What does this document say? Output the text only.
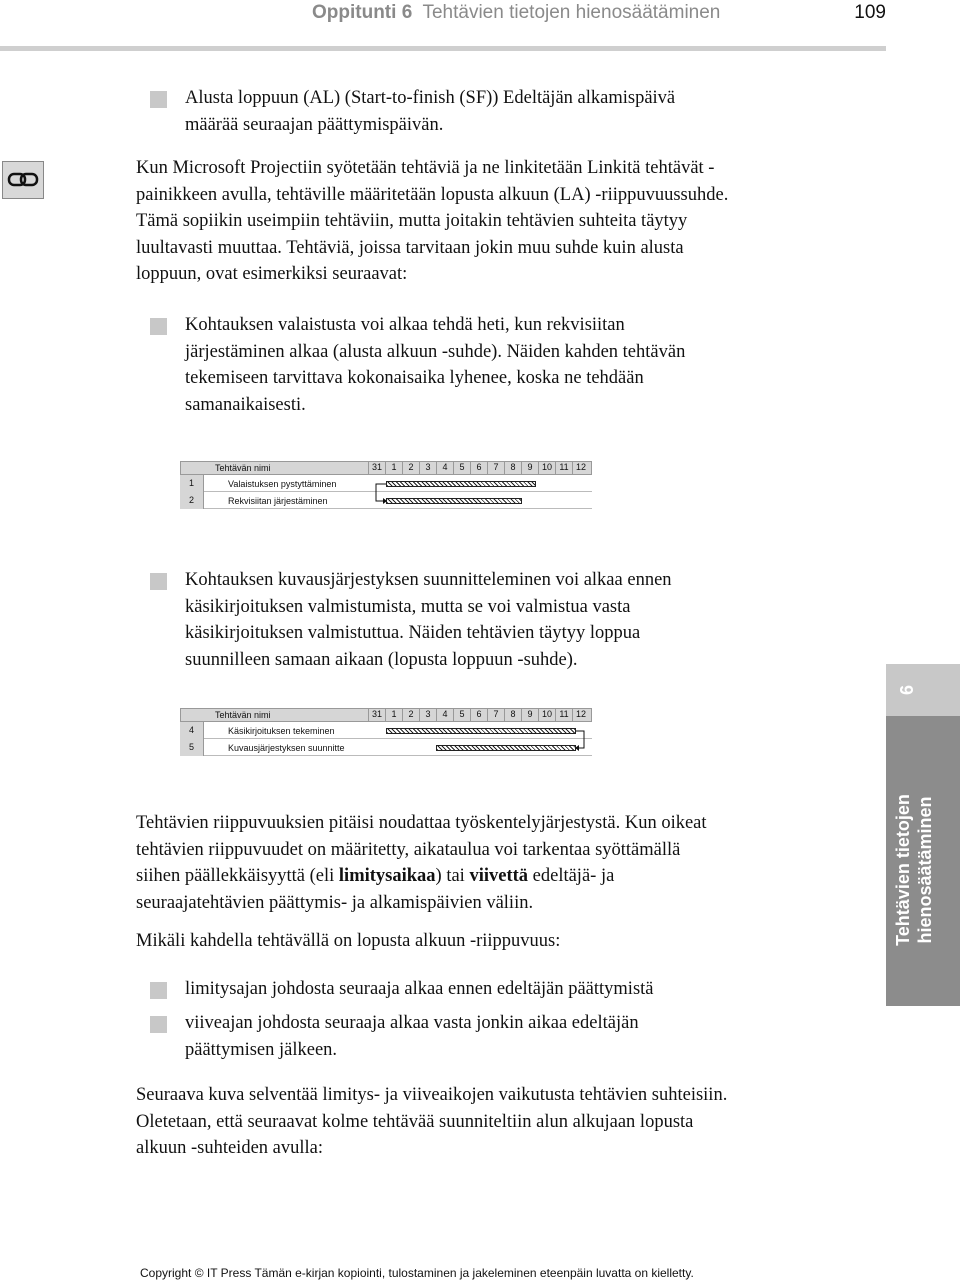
Oppitunti 6 Tehtävien tietojen hienosäätäminen	109
Alusta loppuun (AL) (Start-to-finish (SF)) Edeltäjän alkamispäivä
määrää seuraajan päättymispäivän.
Kun Microsoft Projectiin syötetään tehtäviä ja ne linkitetään Linkitä tehtävät -
painikkeen avulla, tehtäville määritetään lopusta alkuun (LA) -riippuvuussuhde.
Tämä sopiikin useimpiin tehtäviin, mutta joitakin tehtävien suhteita täytyy
luultavasti muuttaa. Tehtäviä, joissa tarvitaan jokin muu suhde kuin alusta
loppuun, ovat esimerkiksi seuraavat:
Kohtauksen valaistusta voi alkaa tehdä heti, kun rekvisiitan
järjestäminen alkaa (alusta alkuun -suhde). Näiden kahden tehtävän
tekemiseen tarvittava kokonaisaika lyhenee, koska ne tehdään
samanaikaisesti.
Tehtävän nimi	31	1	2	3	4	5	6	7	8	9	10 11 12
1	Valaistuksen pystyttäminen
2	Rekvisiitan järjestäminen
Kohtauksen kuvausjärjestyksen suunnitteleminen voi alkaa ennen
käsikirjoituksen valmistumista, mutta se voi valmistua vasta
käsikirjoituksen valmistuttua. Näiden tehtävien täytyy loppua
suunnilleen samaan aikaan (lopusta loppuun -suhde).
Tehtävän nimi	31	1	2	3	4	5	6	7	8	9	10 11 12
4	Käsikirjoituksen tekeminen
5	Kuvausjärjestyksen suunnitte
Tehtävien riippuvuuksien pitäisi noudattaa työskentelyjärjestystä. Kun oikeat
tehtävien riippuvuudet on määritetty, aikataulua voi tarkentaa syöttämällä
siihen päällekkäisyyttä (eli limitysaikaa) tai viivettä edeltäjä- ja
seuraajatehtävien päättymis- ja alkamispäivien väliin.
Mikäli kahdella tehtävällä on lopusta alkuun -riippuvuus:
limitysajan johdosta seuraaja alkaa ennen edeltäjän päättymistä
viiveajan johdosta seuraaja alkaa vasta jonkin aikaa edeltäjän
päättymisen jälkeen.
Seuraava kuva selventää limitys- ja viiveaikojen vaikutusta tehtävien suhteisiin.
Oletetaan, että seuraavat kolme tehtävää suunniteltiin alun alkujaan lopusta
alkuun -suhteiden avulla:
6
Tehtävien tietojen hienosäätäminen
Copyright © IT Press Tämän e-kirjan kopiointi, tulostaminen ja jakeleminen eteenpäin luvatta on kielletty.
